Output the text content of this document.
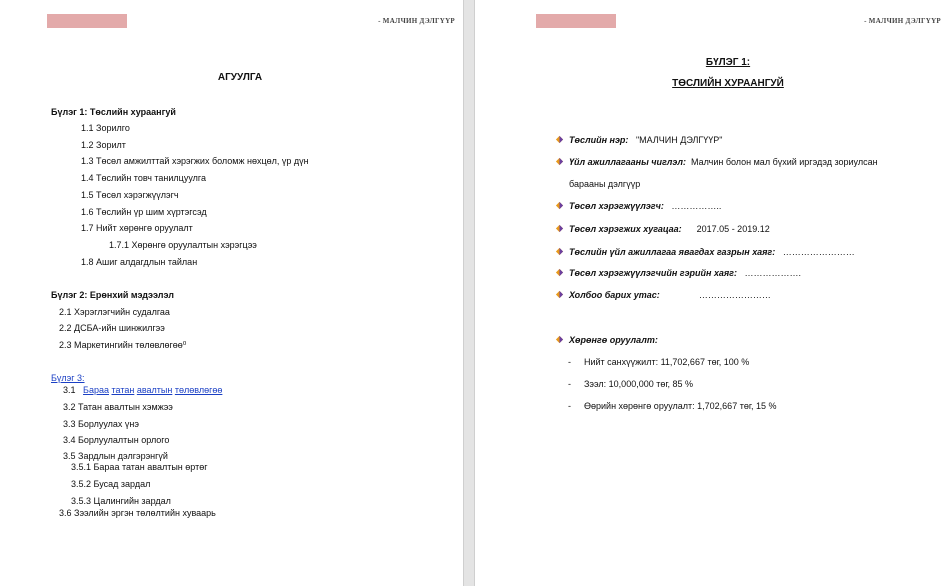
- МАЛЧИН ДЭЛГҮҮР
АГУУЛГА
Бүлэг 1: Төслийн хураангуй
1.1 Зорилго
1.2 Зорилт
1.3 Төсөл амжилттай хэрэгжих боломж нөхцөл, үр дүн
1.4 Төслийн товч танилцуулга
1.5 Төсөл хэрэгжүүлэгч
1.6 Төслийн үр шим хүртэгсэд
1.7 Нийт хөрөнгө оруулалт
1.7.1 Хөрөнгө оруулалтын хэрэгцээ
1.8 Ашиг алдагдлын тайлан
Бүлэг 2: Ерөнхий мэдээлэл
2.1 Хэрэглэгчийн судалгаа
2.2 ДСБА-ийн шинжилгээ
2.3 Маркетингийн төлөвлөгөө⁰
Бүлэг 3:
3.1 Бараа татан авалтын төлөвлөгөө
3.2 Татан авалтын хэмжээ
3.3 Борлуулах үнэ
3.4 Борлуулалтын орлого
3.5 Зардлын дэлгэрэнгүй
3.5.1 Бараа татан авалтын өртөг
3.5.2 Бусад зардал
3.5.3 Цалингийн зардал
3.6 Зээлийн эргэн төлөлтийн хуваарь
- МАЛЧИН ДЭЛГҮҮР
БҮЛЭГ 1:
ТӨСЛИЙН ХУРААНГУЙ
Төслийн нэр: "МАЛЧИН ДЭЛГҮҮР"
Үйл ажиллагааны чиглэл: Малчин болон мал бүхий иргэдэд зориулсан
барааны дэлгүүр
Төсөл хэрэгжүүлэгч: ……………..
Төсөл хэрэгжих хугацаа: 2017.05 - 2019.12
Төслийн үйл ажиллагаа явагдах газрын хаяг: ……………………
Төсөл хэрэгжүүлэгчийн гэрийн хаяг: ……………….
Холбоо барих утас:	……………………
Хөрөнгө оруулалт:
- Нийт санхүүжилт: 11,702,667 төг, 100 %
- Зээл: 10,000,000 төг, 85 %
- Өөрийн хөрөнгө оруулалт: 1,702,667 төг, 15 %
